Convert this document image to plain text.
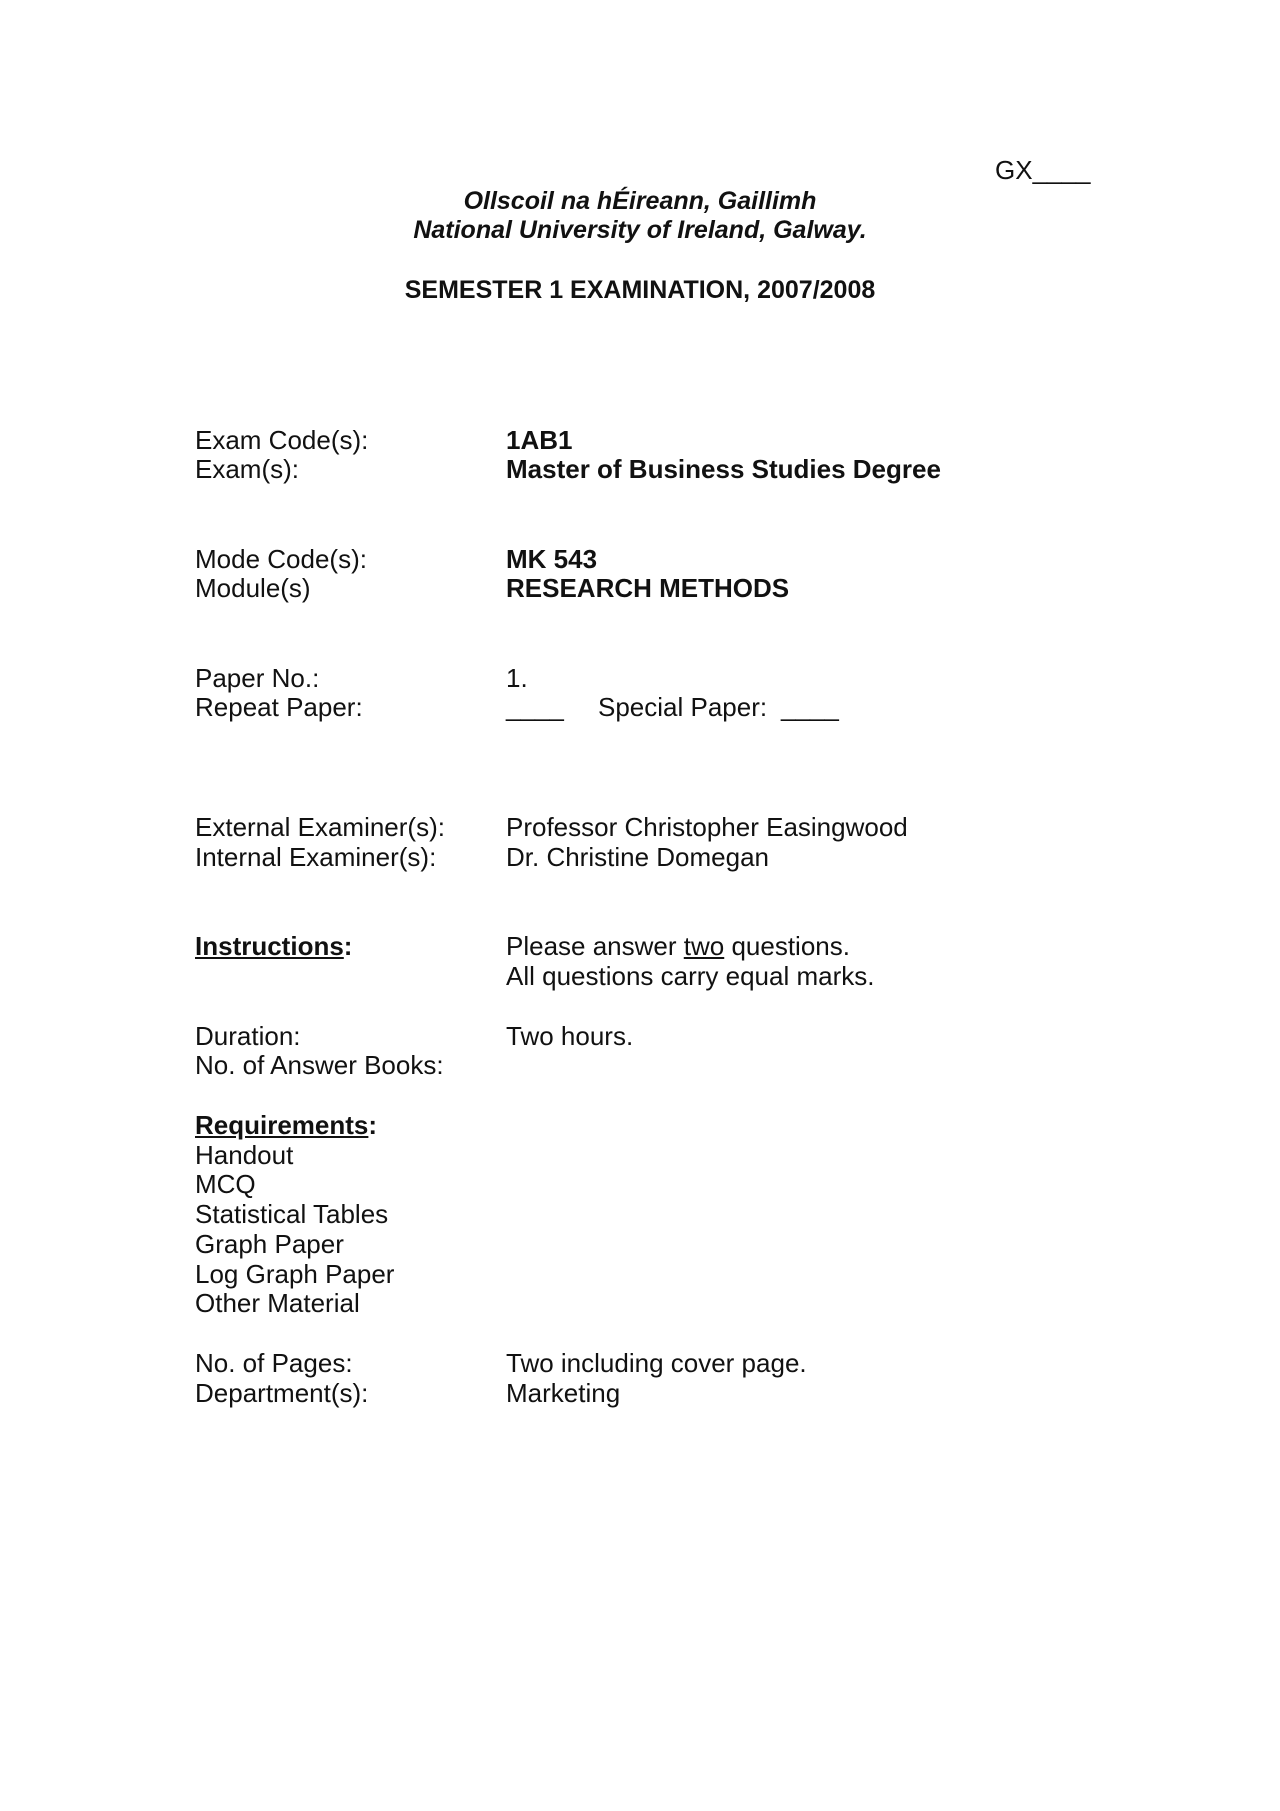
GX____
Ollscoil na hÉireann, Gaillimh
National University of Ireland, Galway.
SEMESTER 1 EXAMINATION, 2007/2008
Exam Code(s):	1AB1
Exam(s):	Master of Business Studies Degree
Mode Code(s):	MK 543
Module(s)	RESEARCH METHODS
Paper No.:	1.
Repeat Paper:	____ Special Paper: ____
External Examiner(s): Professor Christopher Easingwood
Internal Examiner(s):	Dr. Christine Domegan
Instructions:	Please answer two questions.
All questions carry equal marks.
Duration:	Two hours.
No. of Answer Books:
Requirements:
Handout
MCQ
Statistical Tables
Graph Paper
Log Graph Paper
Other Material
No. of Pages:	Two including cover page.
Department(s):	Marketing
